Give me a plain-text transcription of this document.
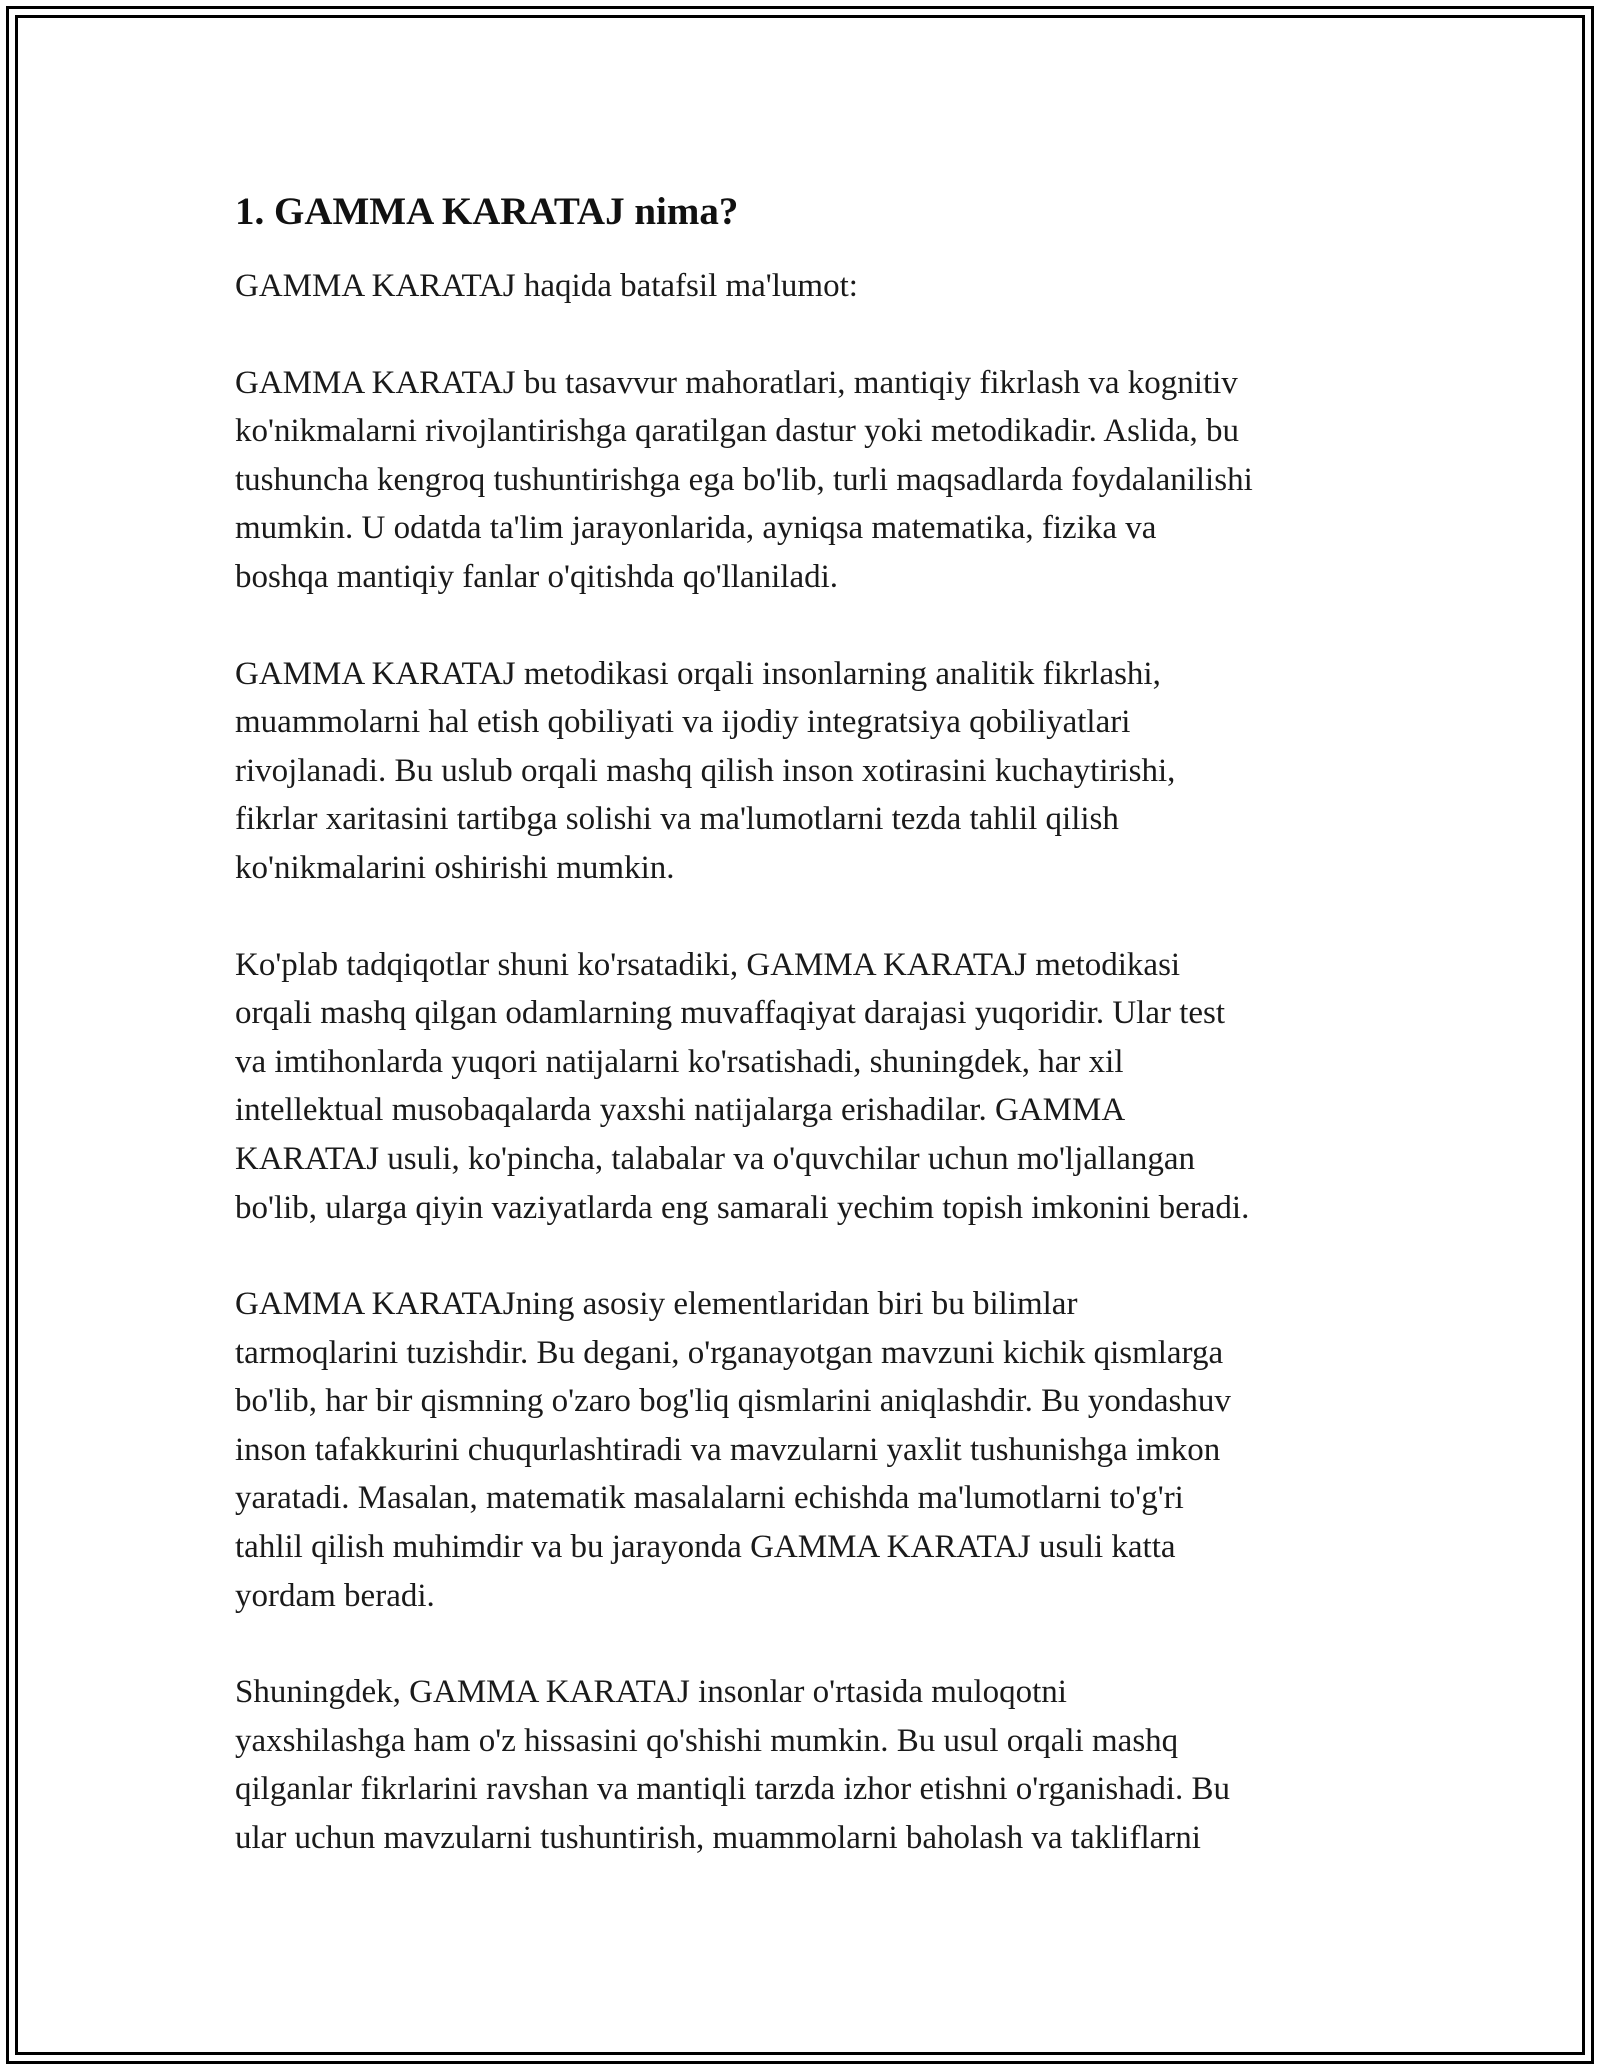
1. GAMMA KARATAJ nima?

GAMMA KARATAJ haqida batafsil ma'lumot:

GAMMA KARATAJ bu tasavvur mahoratlari, mantiqiy fikrlash va kognitiv
ko'nikmalarni rivojlantirishga qaratilgan dastur yoki metodikadir. Aslida, bu
tushuncha kengroq tushuntirishga ega bo'lib, turli maqsadlarda foydalanilishi
mumkin. U odatda ta'lim jarayonlarida, ayniqsa matematika, fizika va
boshqa mantiqiy fanlar o'qitishda qo'llaniladi.

GAMMA KARATAJ metodikasi orqali insonlarning analitik fikrlashi,
muammolarni hal etish qobiliyati va ijodiy integratsiya qobiliyatlari
rivojlanadi. Bu uslub orqali mashq qilish inson xotirasini kuchaytirishi,
fikrlar xaritasini tartibga solishi va ma'lumotlarni tezda tahlil qilish
ko'nikmalarini oshirishi mumkin.

Ko'plab tadqiqotlar shuni ko'rsatadiki, GAMMA KARATAJ metodikasi
orqali mashq qilgan odamlarning muvaffaqiyat darajasi yuqoridir. Ular test
va imtihonlarda yuqori natijalarni ko'rsatishadi, shuningdek, har xil
intellektual musobaqalarda yaxshi natijalarga erishadilar. GAMMA
KARATAJ usuli, ko'pincha, talabalar va o'quvchilar uchun mo'ljallangan
bo'lib, ularga qiyin vaziyatlarda eng samarali yechim topish imkonini beradi.

GAMMA KARATAJning asosiy elementlaridan biri bu bilimlar
tarmoqlarini tuzishdir. Bu degani, o'rganayotgan mavzuni kichik qismlarga
bo'lib, har bir qismning o'zaro bog'liq qismlarini aniqlashdir. Bu yondashuv
inson tafakkurini chuqurlashtiradi va mavzularni yaxlit tushunishga imkon
yaratadi. Masalan, matematik masalalarni echishda ma'lumotlarni to'g'ri
tahlil qilish muhimdir va bu jarayonda GAMMA KARATAJ usuli katta
yordam beradi.

Shuningdek, GAMMA KARATAJ insonlar o'rtasida muloqotni
yaxshilashga ham o'z hissasini qo'shishi mumkin. Bu usul orqali mashq
qilganlar fikrlarini ravshan va mantiqli tarzda izhor etishni o'rganishadi. Bu
ular uchun mavzularni tushuntirish, muammolarni baholash va takliflarni
